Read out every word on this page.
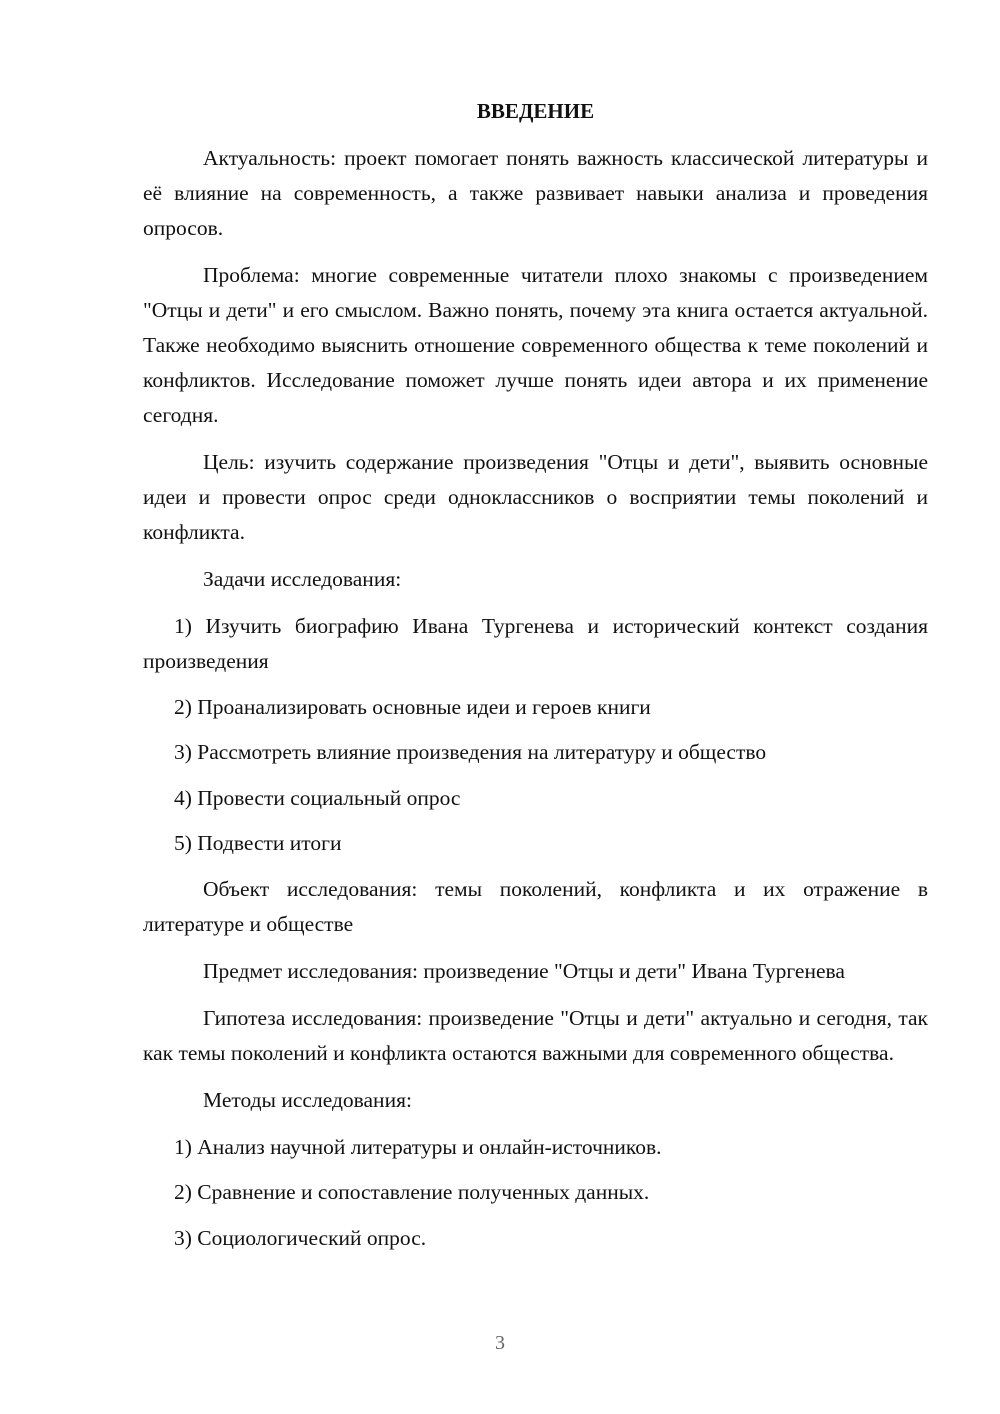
ВВЕДЕНИЕ

Актуальность: проект помогает понять важность классической литературы и её влияние на современность, а также развивает навыки анализа и проведения опросов.

Проблема: многие современные читатели плохо знакомы с произведением "Отцы и дети" и его смыслом. Важно понять, почему эта книга остается актуальной. Также необходимо выяснить отношение современного общества к теме поколений и конфликтов. Исследование поможет лучше понять идеи автора и их применение сегодня.

Цель: изучить содержание произведения "Отцы и дети", выявить основные идеи и провести опрос среди одноклассников о восприятии темы поколений и конфликта.

Задачи исследования:

1) Изучить биографию Ивана Тургенева и исторический контекст создания произведения

2) Проанализировать основные идеи и героев книги

3) Рассмотреть влияние произведения на литературу и общество

4) Провести социальный опрос

5) Подвести итоги

Объект исследования: темы поколений, конфликта и их отражение в литературе и обществе

Предмет исследования: произведение "Отцы и дети" Ивана Тургенева

Гипотеза исследования: произведение "Отцы и дети" актуально и сегодня, так как темы поколений и конфликта остаются важными для современного общества.

Методы исследования:

1) Анализ научной литературы и онлайн-источников.

2) Сравнение и сопоставление полученных данных.

3) Социологический опрос.

3
